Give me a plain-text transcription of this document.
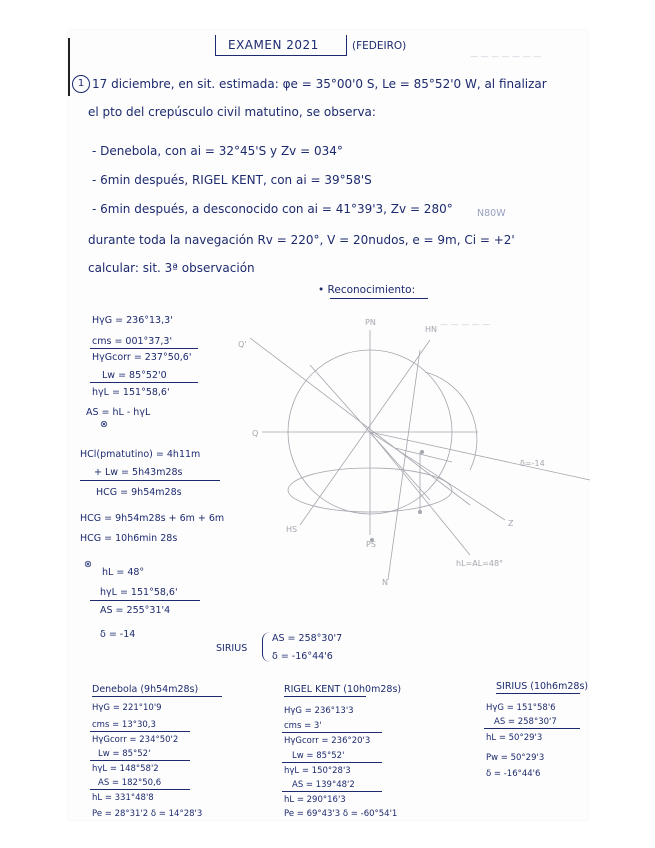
— — — — — — —
— — — — —
EXAMEN 2021	(FEDEIRO)
1 17 diciembre, en sit. estimada: φe = 35°00'0 S, Le = 85°52'0 W, al finalizar
el pto del crepúsculo civil matutino, se observa:
- Denebola, con ai = 32°45'S y Zv = 034°
- 6min después, RIGEL KENT, con ai = 39°58'S
- 6min después, a desconocido con ai = 41°39'3, Zv = 280°	N80W
durante toda la navegación Rv = 220°, V = 20nudos, e = 9m, Ci = +2'
calcular: sit. 3ª observación
• Reconocimiento:
HγG = 236°13,3'
cms = 001°37,3'
HγGcorr = 237°50,6'
Lw = 85°52'0
hγL = 151°58,6'
AS = hL - hγL
⊗
HCl(pmatutino) = 4h11m
+ Lw = 5h43m28s
HCG = 9h54m28s
HCG = 9h54m28s + 6m + 6m
HCG = 10h6min 28s
⊗
hL = 48°
hγL = 151°58,6'
AS = 255°31'4
δ = -14
SIRIUS
AS = 258°30'7
δ = -16°44'6
PN
HN
Q'
Q
HS
PS
N
Z
δ=-14
hL=AL=48°
Denebola (9h54m28s)
HγG = 221°10'9
cms = 13°30,3
HγGcorr = 234°50'2
Lw = 85°52'
hγL = 148°58'2
AS = 182°50,6
hL = 331°48'8
Pe = 28°31'2 δ = 14°28'3
RIGEL KENT (10h0m28s)
HγG = 236°13'3
cms = 3'
HγGcorr = 236°20'3
Lw = 85°52'
hγL = 150°28'3
AS = 139°48'2
hL = 290°16'3
Pe = 69°43'3 δ = -60°54'1
SIRIUS (10h6m28s)
HγG = 151°58'6
AS = 258°30'7
hL = 50°29'3
Pw = 50°29'3
δ = -16°44'6
